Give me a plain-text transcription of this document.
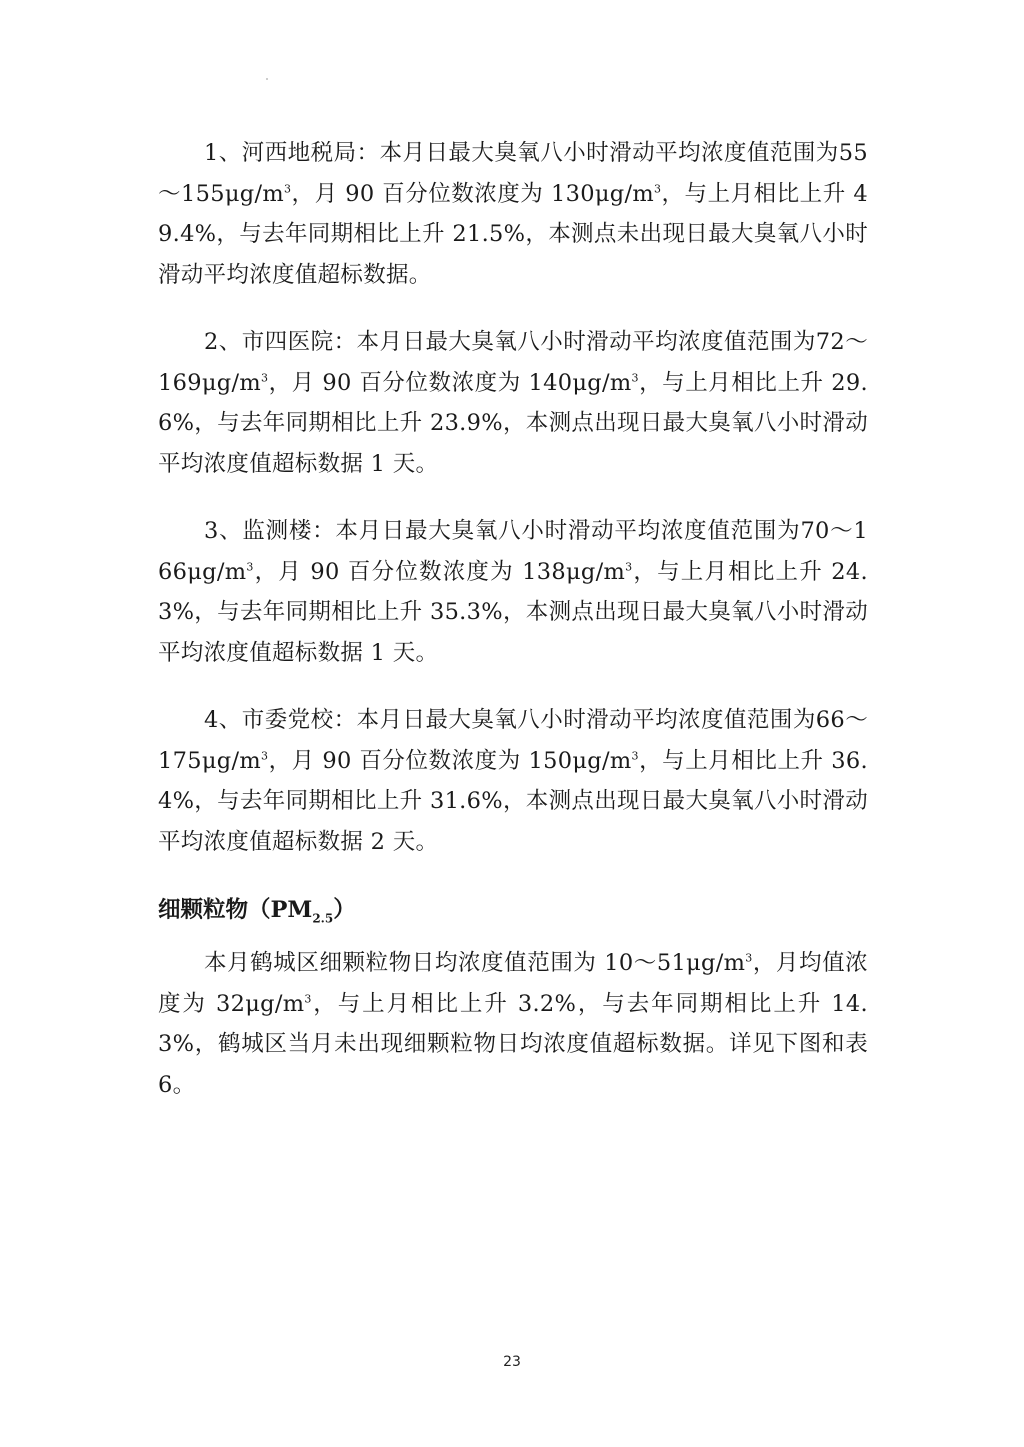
1、河西地税局：本月日最大臭氧八小时滑动平均浓度值范围为$55\sim 155\mu g/m^3$，月 90 百分位数浓度为 $130\mu g/m^3$，与上月相比上升 49.4%，与去年同期相比上升 21.5%，本测点未出现日最大臭氧八小时滑动平均浓度值超标数据。

2、市四医院：本月日最大臭氧八小时滑动平均浓度值范围为$72\sim 169\mu g/m^3$，月 90 百分位数浓度为 $140\mu g/m^3$，与上月相比上升 29.6%，与去年同期相比上升 23.9%，本测点出现日最大臭氧八小时滑动平均浓度值超标数据 1 天。

3、监测楼：本月日最大臭氧八小时滑动平均浓度值范围为$70\sim 166\mu g/m^3$，月 90 百分位数浓度为 $138\mu g/m^3$，与上月相比上升 24.3%，与去年同期相比上升 35.3%，本测点出现日最大臭氧八小时滑动平均浓度值超标数据 1 天。

4、市委党校：本月日最大臭氧八小时滑动平均浓度值范围为$66\sim 175\mu g/m^3$，月 90 百分位数浓度为 $150\mu g/m^3$，与上月相比上升 36.4%，与去年同期相比上升 31.6%，本测点出现日最大臭氧八小时滑动平均浓度值超标数据 2 天。

细颗粒物$(PM_{2.5})$

本月鹤城区细颗粒物日均浓度值范围为 $10\sim 51\mu g/m^3$，月均值浓度为 $32\mu g/m^3$，与上月相比上升 3.2%，与去年同期相比上升 14.3%，鹤城区当月未出现细颗粒物日均浓度值超标数据。详见下图和表 6。

23
